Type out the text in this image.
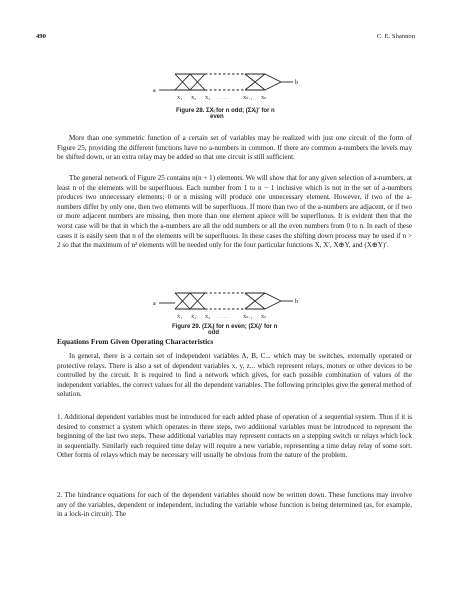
490	C. E. Shannon
a
b
X₁ X₂ X₃ . . . . . .	Xₙ₋₁ Xₙ
Figure 28. ΣXᵢ for n odd; (ΣXᵢ)′ for n
even

More than one symmetric function of a certain set of variables may be realized with just one circuit of the form of Figure 25, providing the different functions have no a-numbers in common. If there are common a-numbers the levels may be shifted down, or an extra relay may be added so that one circuit is still sufficient.

The general network of Figure 25 contains n(n + 1) elements. We will show that for any given selection of a-numbers, at least n of the elements will be superfluous. Each number from 1 to n − 1 inclusive which is not in the set of a-numbers produces two unnecessary elements; 0 or n missing will produce one unnecessary element. However, if two of the a-numbers differ by only one, then two elements will be superfluous. If more than two of the a-numbers are adjacent, or if two or more adjacent numbers are missing, then more than one element apiece will be superfluous. It is evident then that the worst case will be that in which the a-numbers are all the odd numbers or all the even numbers from 0 to n. In each of these cases it is easily seen that n of the elements will be superfluous. In these cases the shifting down process may be used if n > 2 so that the maximum of n² elements will be needed only for the four particular functions X, X′, X⊕Y, and (X⊕Y)′.

a	b
X₁ X₂ X₃ . . . . . .	Xₙ₋₁ Xₙ
Figure 29. (ΣXᵢ) for n even; (ΣXᵢ)′ for n
odd
Equations From Given Operating Characteristics

In general, there is a certain set of independent variables A, B, C... which may be switches, externally operated or protective relays. There is also a set of dependent variables x, y, z... which represent relays, motors or other devices to be controlled by the circuit. It is required to find a network which gives, for each possible combination of values of the independent variables, the correct values for all the dependent variables. The following principles give the general method of solution.

1. Additional dependent variables must be introduced for each added phase of operation of a sequential system. Thus if it is desired to construct a system which operates in three steps, two additional variables must be introduced to represent the beginning of the last two steps. These additional variables may represent contacts on a stepping switch or relays which lock in sequentially. Similarly each required time delay will require a new variable, representing a time delay relay of some sort. Other forms of relays which may be necessary will usually be obvious from the nature of the problem.

2. The hindrance equations for each of the dependent variables should now be written down. These functions may involve any of the variables, dependent or independent, including the variable whose function is being determined (as, for example, in a lock-in circuit). The
